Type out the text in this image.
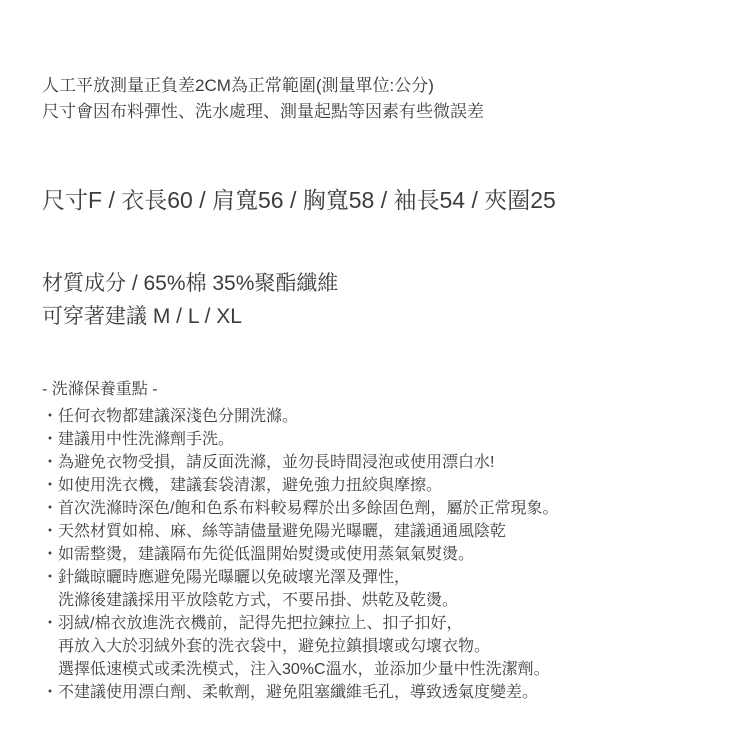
人工平放測量正負差2CM為正常範圍(測量單位:公分)
尺寸會因布料彈性、洗水處理、測量起點等因素有些微誤差
尺寸F / 衣長60 / 肩寬56 / 胸寬58 / 袖長54 / 夾圈25
材質成分 / 65%棉 35%聚酯纖維
可穿著建議 M / L / XL
- 洗滌保養重點 -
・任何衣物都建議深淺色分開洗滌。
・建議用中性洗滌劑手洗。
・為避免衣物受損，請反面洗滌，並勿長時間浸泡或使用漂白水!
・如使用洗衣機，建議套袋清潔，避免強力扭絞與摩擦。
・首次洗滌時深色/飽和色系布料較易釋於出多餘固色劑，屬於正常現象。
・天然材質如棉、麻、絲等請儘量避免陽光曝曬，建議通通風陰乾
・如需整燙，建議隔布先從低溫開始熨燙或使用蒸氣氣熨燙。
・針織晾曬時應避免陽光曝曬以免破壞光澤及彈性，
洗滌後建議採用平放陰乾方式，不要吊掛、烘乾及乾燙。
・羽絨/棉衣放進洗衣機前，記得先把拉鍊拉上、扣子扣好，
再放入大於羽絨外套的洗衣袋中，避免拉鎮損壞或勾壞衣物。
選擇低速模式或柔洗模式，注入30%C溫水，並添加少量中性洗潔劑。
・不建議使用漂白劑、柔軟劑，避免阻塞纖維毛孔，導致透氣度變差。
